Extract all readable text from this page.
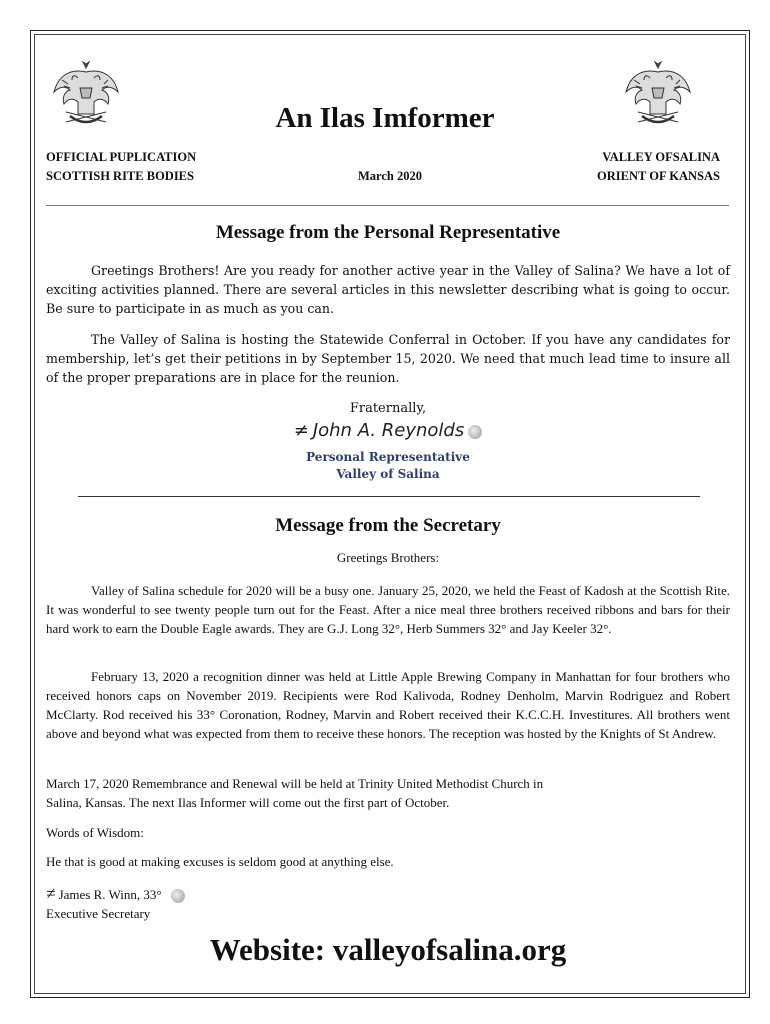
An Ilas Imformer
OFFICIAL PUPLICATION
SCOTTISH RITE BODIES	March 2020
VALLEY OFSALINA
ORIENT OF KANSAS
Message from the Personal Representative
Greetings Brothers! Are you ready for another active year in the Valley of Salina? We have a lot of exciting activities planned. There are several articles in this newsletter describing what is going to occur. Be sure to participate in as much as you can.
The Valley of Salina is hosting the Statewide Conferral in October. If you have any candidates for membership, let’s get their petitions in by September 15, 2020. We need that much lead time to insure all of the proper preparations are in place for the reunion.
Fraternally,
≠ John A. Reynolds
Personal Representative
Valley of Salina
Message from the Secretary
Greetings Brothers:
Valley of Salina schedule for 2020 will be a busy one. January 25, 2020, we held the Feast of Kadosh at the Scottish Rite. It was wonderful to see twenty people turn out for the Feast. After a nice meal three brothers received ribbons and bars for their hard work to earn the Double Eagle awards. They are G.J. Long 32°, Herb Summers 32° and Jay Keeler 32°.
February 13, 2020 a recognition dinner was held at Little Apple Brewing Company in Manhattan for four brothers who received honors caps on November 2019. Recipients were Rod Kalivoda, Rodney Denholm, Marvin Rodriguez and Robert McClarty. Rod received his 33° Coronation, Rodney, Marvin and Robert received their K.C.C.H. Investitures. All brothers went above and beyond what was expected from them to receive these honors. The reception was hosted by the Knights of St Andrew.
March 17, 2020 Remembrance and Renewal will be held at Trinity United Methodist Church in
Salina, Kansas. The next Ilas Informer will come out the first part of October.
Words of Wisdom:
He that is good at making excuses is seldom good at anything else.
≠ James R. Winn, 33°
Executive Secretary
Website: valleyofsalina.org
